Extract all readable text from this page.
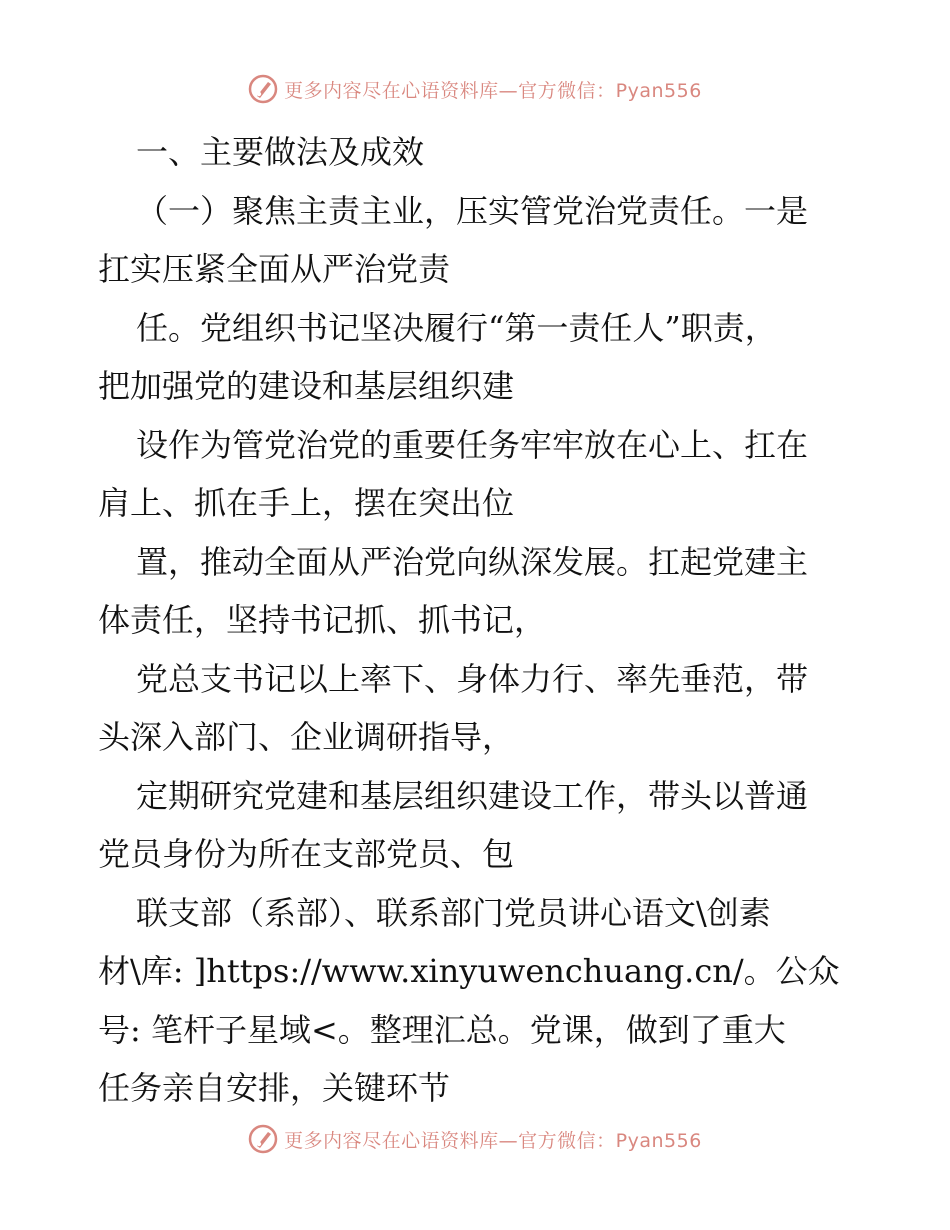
更多内容尽在心语资料库—官方微信：Pyan556
一、主要做法及成效
（一）聚焦主责主业，压实管党治党责任。一是
扛实压紧全面从严治党责
任。党组织书记坚决履行“第一责任人”职责，
把加强党的建设和基层组织建
设作为管党治党的重要任务牢牢放在心上、扛在
肩上、抓在手上，摆在突出位
置，推动全面从严治党向纵深发展。扛起党建主
体责任，坚持书记抓、抓书记，
党总支书记以上率下、身体力行、率先垂范，带
头深入部门、企业调研指导，
定期研究党建和基层组织建设工作，带头以普通
党员身份为所在支部党员、包
联支部（系部）、联系部门党员讲心语文\创素
材\库: ]https://www.xinyuwenchuang.cn/。公众
号: 笔杆子星域<。整理汇总。党课，做到了重大
任务亲自安排，关键环节
更多内容尽在心语资料库—官方微信：Pyan556
